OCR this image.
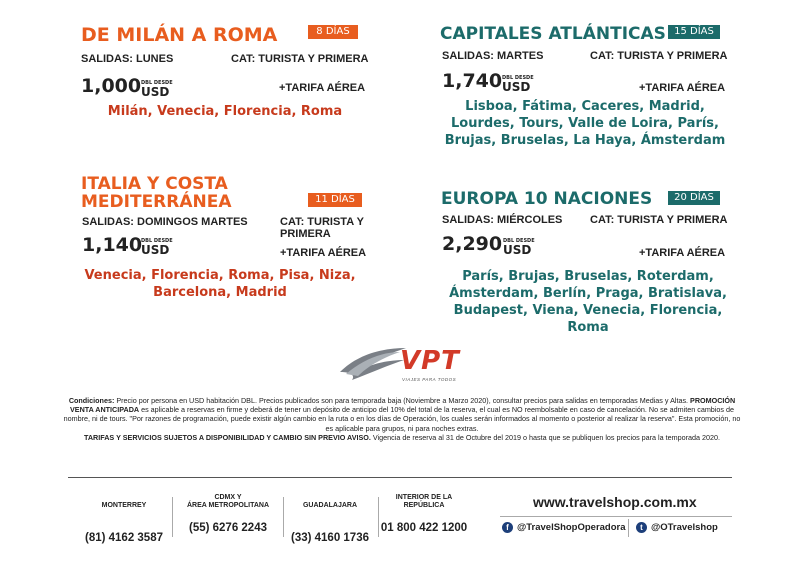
DE MILÁN A ROMA	8 DÍAS
SALIDAS: LUNES	CAT: TURISTA Y PRIMERA
1,000 DBL DESDE
USD	+TARIFA AÉREA
Milán, Venecia, Florencia, Roma
CAPITALES ATLÁNTICAS 15 DÍAS
SALIDAS: MARTES	CAT: TURISTA Y PRIMERA
1,740 DBL DESDE
USD	+TARIFA AÉREA
Lisboa, Fátima, Caceres, Madrid,
Lourdes, Tours, Valle de Loira, París,
Brujas, Bruselas, La Haya, Ámsterdam
ITALIA Y COSTA
MEDITERRÁNEA	11 DÍAS
SALIDAS: DOMINGOS MARTES	CAT: TURISTA Y
PRIMERA
1,140
DBL DESDE
USD	+TARIFA AÉREA
Venecia, Florencia, Roma, Pisa, Niza,
Barcelona, Madrid
EUROPA 10 NACIONES	20 DÍAS
SALIDAS: MIÉRCOLES	CAT: TURISTA Y PRIMERA
2,290 DBL DESDE
USD	+TARIFA AÉREA
París, Brujas, Bruselas, Roterdam,
Ámsterdam, Berlín, Praga, Bratislava,
Budapest, Viena, Venecia, Florencia, Roma
VPT
VIAJES PARA TODOS
Condiciones: Precio por persona en USD habitación DBL. Precios publicados son para temporada baja (Noviembre a Marzo 2020), consultar precios para salidas en temporadas Medias y Altas. PROMOCIÓN VENTA ANTICIPADA es aplicable a reservas en firme y deberá de tener un depósito de anticipo del 10% del total de la reserva, el cual es NO reembolsable en caso de cancelación. No se admiten cambios de nombre, ni de tours. "Por razones de programación, puede existir algún cambio en la ruta o en los días de Operación, los cuales serán informados al momento o posterior al realizar la reserva". Esta promoción, no es aplicable para grupos, ni para noches extras.
TARIFAS Y SERVICIOS SUJETOS A DISPONIBILIDAD Y CAMBIO SIN PREVIO AVISO. Vigencia de reserva al 31 de Octubre del 2019 o hasta que se publiquen los precios para la temporada 2020.
MONTERREY
(81) 4162 3587
CDMX Y
ÁREA METROPOLITANA
(55) 6276 2243
GUADALAJARA
(33) 4160 1736
INTERIOR DE LA
REPÚBLICA
01 800 422 1200
www.travelshop.com.mx
f @TravelShopOperadora	t @OTravelshop
